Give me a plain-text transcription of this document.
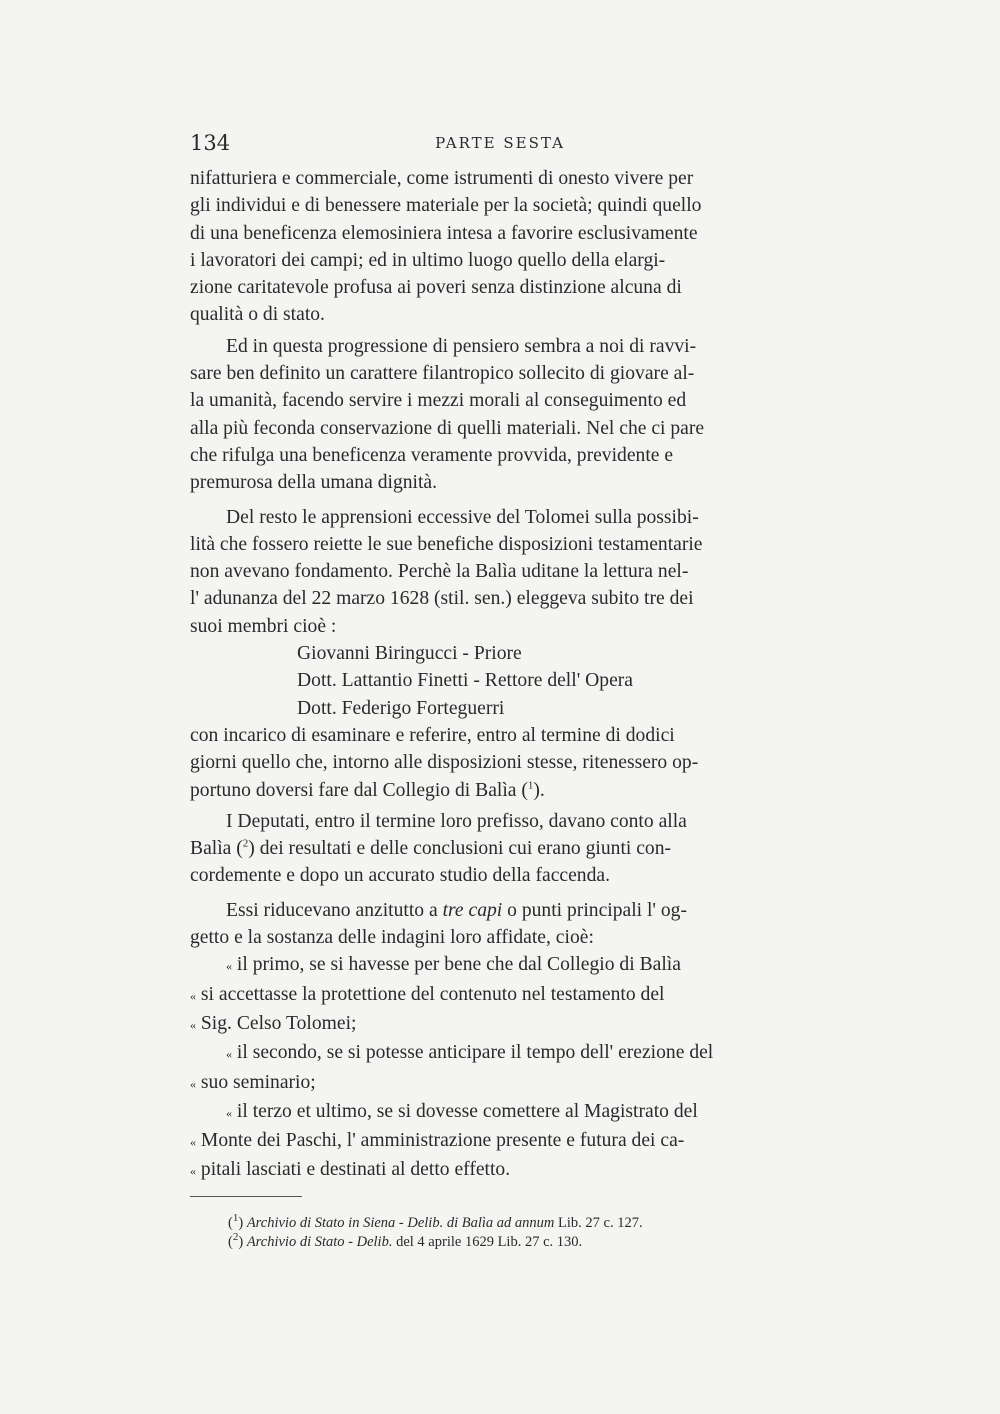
134	PARTE SESTA

nifatturiera e commerciale, come istrumenti di onesto vivere per
gli individui e di benessere materiale per la società; quindi quello
di una beneficenza elemosiniera intesa a favorire esclusivamente
i lavoratori dei campi; ed in ultimo luogo quello della elargi-
zione caritatevole profusa ai poveri senza distinzione alcuna di
qualità o di stato.

Ed in questa progressione di pensiero sembra a noi di ravvi-
sare ben definito un carattere filantropico sollecito di giovare al-
la umanità, facendo servire i mezzi morali al conseguimento ed
alla più feconda conservazione di quelli materiali. Nel che ci pare
che rifulga una beneficenza veramente provvida, previdente e
premurosa della umana dignità.

Del resto le apprensioni eccessive del Tolomei sulla possibi-
lità che fossero reiette le sue benefiche disposizioni testamentarie
non avevano fondamento. Perchè la Balìa uditane la lettura nel-
l' adunanza del 22 marzo 1628 (stil. sen.) eleggeva subito tre dei
suoi membri cioè :

Giovanni Biringucci - Priore

Dott. Lattantio Finetti - Rettore dell' Opera

Dott. Federigo Forteguerri

con incarico di esaminare e referire, entro al termine di dodici
giorni quello che, intorno alle disposizioni stesse, ritenessero op-
portuno doversi fare dal Collegio di Balìa ($^1$).

I Deputati, entro il termine loro prefisso, davano conto alla
Balìa ($^2$) dei resultati e delle conclusioni cui erano giunti con-
cordemente e dopo un accurato studio della faccenda.

Essi riducevano anzitutto a tre capi o punti principali l' og-
getto e la sostanza delle indagini loro affidate, cioè:

« il primo, se si havesse per bene che dal Collegio di Balìa
« si accettasse la protettione del contenuto nel testamento del
« Sig. Celso Tolomei;

« il secondo, se si potesse anticipare il tempo dell' erezione del
« suo seminario;

« il terzo et ultimo, se si dovesse comettere al Magistrato del
« Monte dei Paschi, l' amministrazione presente e futura dei ca-
« pitali lasciati e destinati al detto effetto.

($^1$) Archivio di Stato in Siena - Delib. di Balìa ad annum Lib. 27 c. 127.

($^2$) Archivio di Stato - Delib. del 4 aprile 1629 Lib. 27 c. 130.
